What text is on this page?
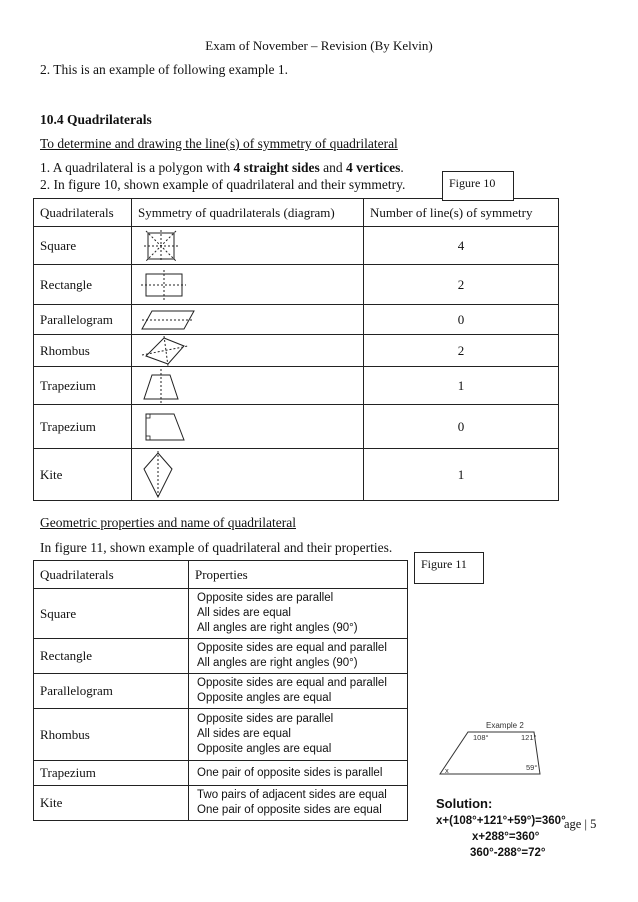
Exam of November – Revision (By Kelvin)
2. This is an example of following example 1.
10.4 Quadrilaterals
To determine and drawing the line(s) of symmetry of quadrilateral
1. A quadrilateral is a polygon with 4 straight sides and 4 vertices.
2. In figure 10, shown example of quadrilateral and their symmetry.
Quadrilaterals	Symmetry of quadrilaterals (diagram)	Number of line(s) of symmetry
Square		4
Rectangle		2
Parallelogram		0
Rhombus		2
Trapezium		1
Trapezium		0
Kite		1
Figure 10
Geometric properties and name of quadrilateral
In figure 11, shown example of quadrilateral and their properties.
Figure 11
Quadrilaterals	Properties
Square	Opposite sides are parallel
All sides are equal
All angles are right angles (90°)

Rectangle	Opposite sides are equal and parallel
All angles are right angles (90°)

Parallelogram	Opposite sides are equal and parallel
Opposite angles are equal

Rhombus	Opposite sides are parallel
All sides are equal
Opposite angles are equal

Trapezium	One pair of opposite sides is parallel

Kite	Two pairs of adjacent sides are equal
One pair of opposite sides are equal
Example 2
108°	121°
59°
x
Solution:
x+(108°+121°+59°)=360°
x+288°=360°
360°-288°=72°
age | 5
